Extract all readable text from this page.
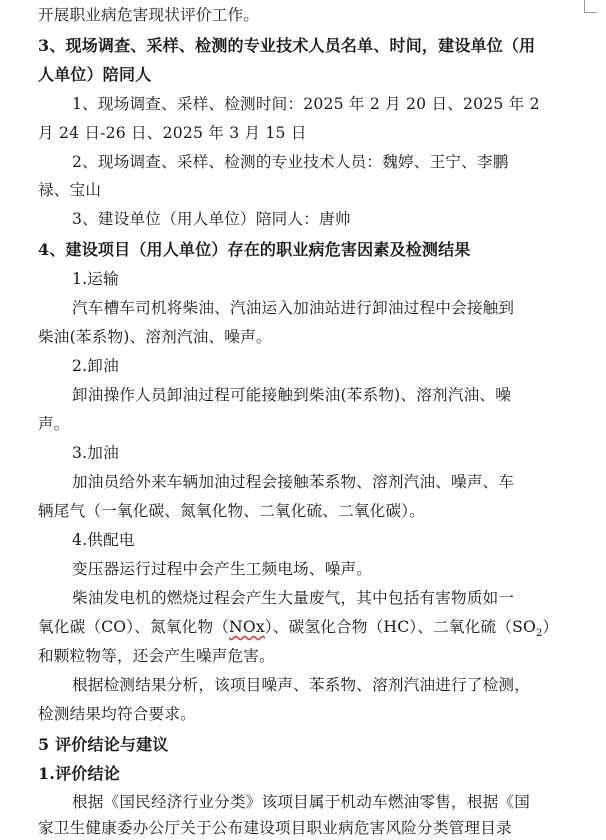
开展职业病危害现状评价工作。
3、现场调查、采样、检测的专业技术人员名单、时间，建设单位（用
人单位）陪同人
1、现场调查、采样、检测时间：2025 年 2 月 20 日、2025 年 2
月 24 日-26 日、2025 年 3 月 15 日
2、现场调查、采样、检测的专业技术人员：魏婷、王宁、李鹏
禄、宝山
3、建设单位（用人单位）陪同人：唐帅
4、建设项目（用人单位）存在的职业病危害因素及检测结果
1.运输
汽车槽车司机将柴油、汽油运入加油站进行卸油过程中会接触到
柴油(苯系物)、溶剂汽油、噪声。
2.卸油
卸油操作人员卸油过程可能接触到柴油(苯系物)、溶剂汽油、噪
声。
3.加油
加油员给外来车辆加油过程会接触苯系物、溶剂汽油、噪声、车
辆尾气（一氧化碳、氮氧化物、二氧化硫、二氧化碳）。
4.供配电
变压器运行过程中会产生工频电场、噪声。
柴油发电机的燃烧过程会产生大量废气，其中包括有害物质如一
氧化碳（CO）、氮氧化物（NOx）、碳氢化合物（HC）、二氧化硫$(SO_2)$
和颗粒物等，还会产生噪声危害。
根据检测结果分析，该项目噪声、苯系物、溶剂汽油进行了检测，
检测结果均符合要求。
5 评价结论与建议
1.评价结论
根据《国民经济行业分类》该项目属于机动车燃油零售，根据《国
家卫生健康委办公厅关于公布建设项目职业病危害风险分类管理目录
